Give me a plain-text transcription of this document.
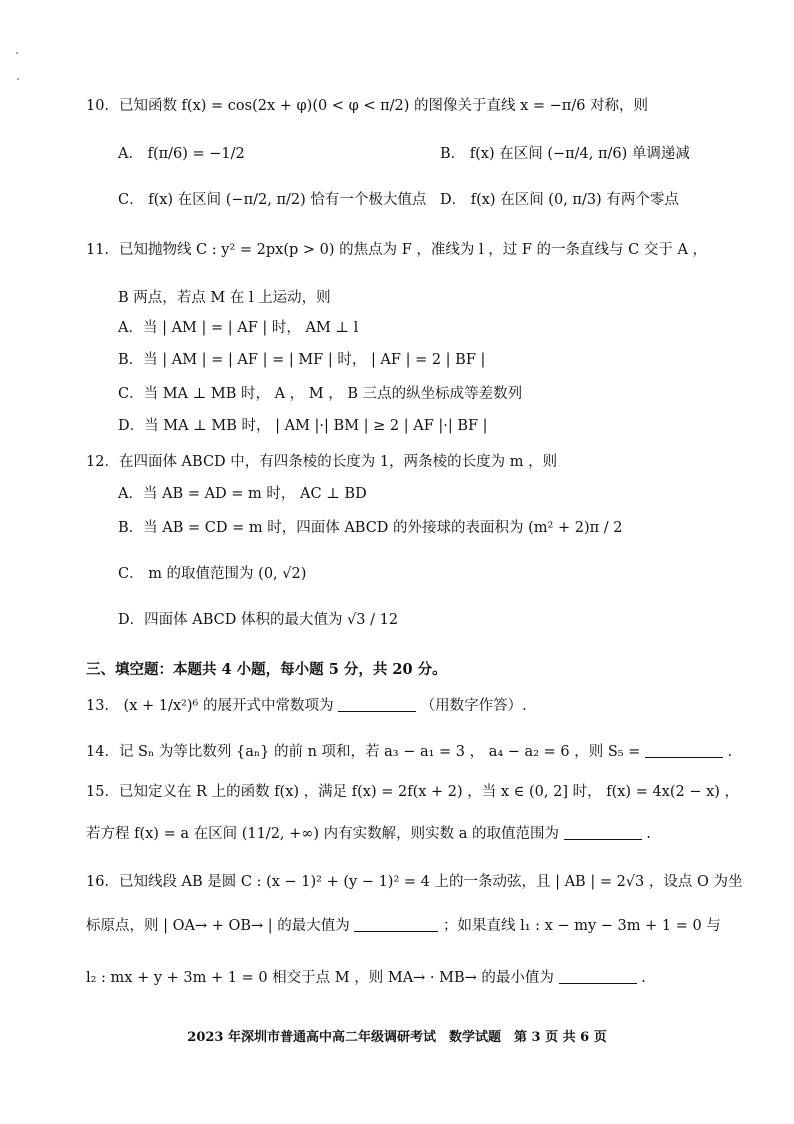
10．已知函数 f(x) = cos(2x + φ)(0 < φ < π/2) 的图像关于直线 x = −π/6 对称，则
A． f(π/6) = −1/2	B． f(x) 在区间 (−π/4, π/6) 单调递减
C． f(x) 在区间 (−π/2, π/2) 恰有一个极大值点 D． f(x) 在区间 (0, π/3) 有两个零点
11．已知抛物线 C : y² = 2px(p > 0) 的焦点为 F ，准线为 l ，过 F 的一条直线与 C 交于 A ，
B 两点，若点 M 在 l 上运动，则
A．当 | AM | = | AF | 时， AM ⊥ l
B．当 | AM | = | AF | = | MF | 时， | AF | = 2 | BF |
C．当 MA ⊥ MB 时， A ， M ， B 三点的纵坐标成等差数列
D．当 MA ⊥ MB 时， | AM |·| BM | ≥ 2 | AF |·| BF |
12．在四面体 ABCD 中，有四条棱的长度为 1，两条棱的长度为 m ，则
A．当 AB = AD = m 时， AC ⊥ BD
B．当 AB = CD = m 时，四面体 ABCD 的外接球的表面积为 (m² + 2)π / 2
C． m 的取值范围为 (0, √2)
D．四面体 ABCD 体积的最大值为 √3 / 12
三、填空题：本题共 4 小题，每小题 5 分，共 20 分。
13． (x + 1/x²)⁶ 的展开式中常数项为	（用数字作答）.
14．记 Sₙ 为等比数列 {aₙ} 的前 n 项和，若 a₃ − a₁ = 3 ， a₄ − a₂ = 6 ，则 S₅ =	.
15．已知定义在 R 上的函数 f(x) ，满足 f(x) = 2f(x + 2) ，当 x ∈ (0, 2] 时， f(x) = 4x(2 − x) ，
若方程 f(x) = a 在区间 (11/2, +∞) 内有实数解，则实数 a 的取值范围为	.
16．已知线段 AB 是圆 C : (x − 1)² + (y − 1)² = 4 上的一条动弦，且 | AB | = 2√3 ，设点 O 为坐
标原点，则 | OA→ + OB→ | 的最大值为	；如果直线 l₁ : x − my − 3m + 1 = 0 与
l₂ : mx + y + 3m + 1 = 0 相交于点 M ，则 MA→ · MB→ 的最小值为	.
2023 年深圳市普通高中高二年级调研考试　数学试题　第 3 页 共 6 页
